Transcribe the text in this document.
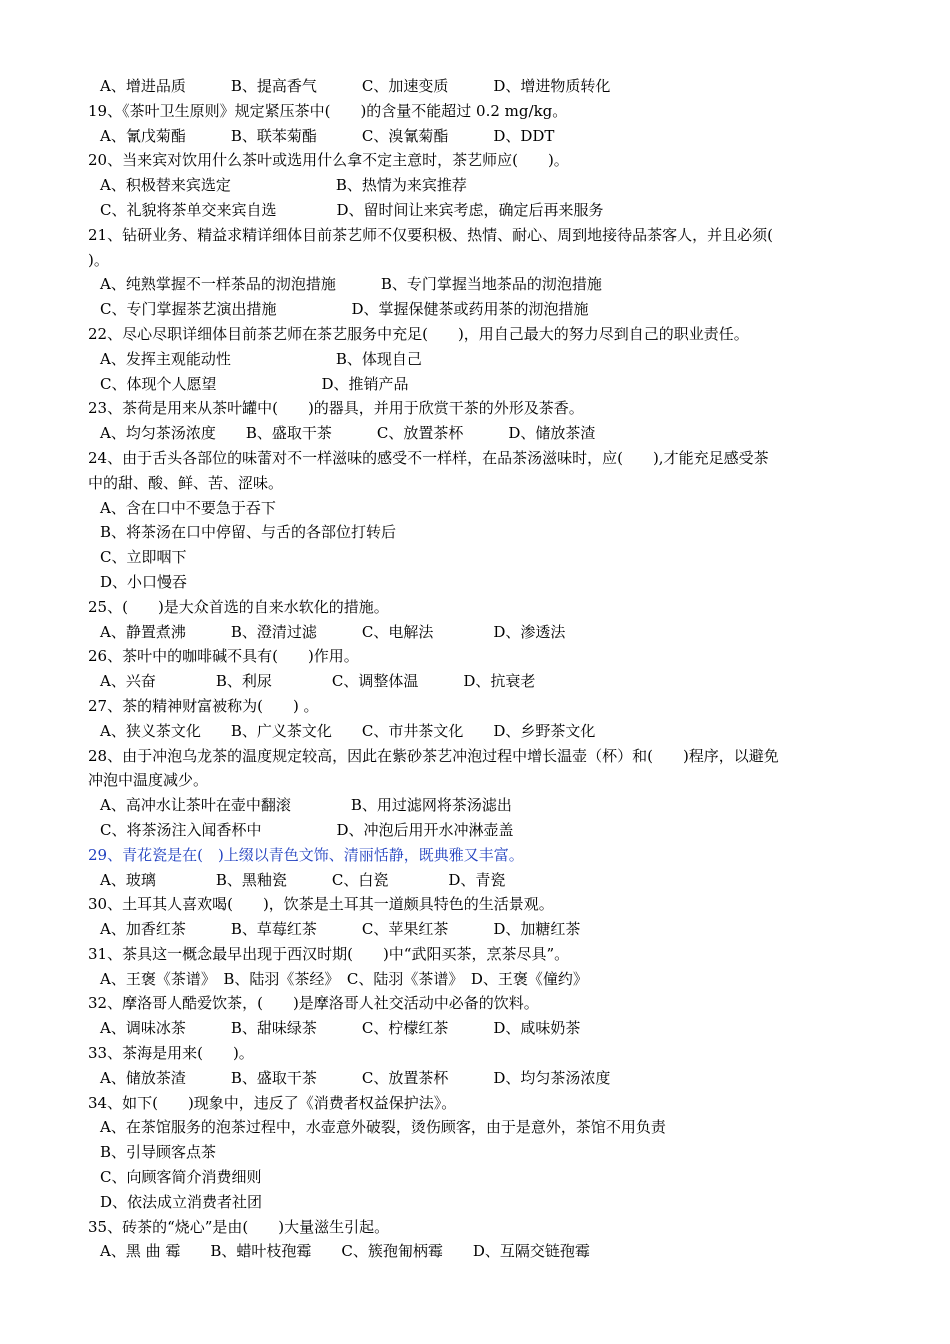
A、增进品质　　　B、提高香气　　　C、加速变质　　　D、增进物质转化
19、《茶叶卫生原则》规定紧压茶中(　　)的含量不能超过 0.2 mg/kg。
A、氰戊菊酯　　　B、联苯菊酯　　　C、溴氰菊酯　　　D、DDT
20、当来宾对饮用什么茶叶或选用什么拿不定主意时，茶艺师应(　　)。
A、积极替来宾选定　　　　　　　B、热情为来宾推荐
C、礼貌将茶单交来宾自选　　　　D、留时间让来宾考虑，确定后再来服务
21、钻研业务、精益求精详细体目前茶艺师不仅要积极、热情、耐心、周到地接待品茶客人，并且必须(
)。
A、纯熟掌握不一样茶品的沏泡措施　　　B、专门掌握当地茶品的沏泡措施
C、专门掌握茶艺演出措施　　　　　D、掌握保健茶或药用茶的沏泡措施
22、尽心尽职详细体目前茶艺师在茶艺服务中充足(　　)，用自己最大的努力尽到自己的职业责任。
A、发挥主观能动性　　　　　　　B、体现自己
C、体现个人愿望　　　　　　　D、推销产品
23、茶荷是用来从茶叶罐中(　　)的器具，并用于欣赏干茶的外形及茶香。
A、均匀茶汤浓度　　B、盛取干茶　　　C、放置茶杯　　　D、储放茶渣
24、由于舌头各部位的味蕾对不一样滋味的感受不一样样，在品茶汤滋味时，应(　　),才能充足感受茶
中的甜、酸、鲜、苦、涩味。
A、含在口中不要急于吞下
B、将茶汤在口中停留、与舌的各部位打转后
C、立即咽下
D、小口慢吞
25、(　　)是大众首选的自来水软化的措施。
A、静置煮沸　　　B、澄清过滤　　　C、电解法　　　　D、渗透法
26、茶叶中的咖啡碱不具有(　　)作用。
A、兴奋　　　　B、利尿　　　　C、调整体温　　　D、抗衰老
27、茶的精神财富被称为(　　) 。
A、狭义茶文化　　B、广义茶文化　　C、市井茶文化　　D、乡野茶文化
28、由于冲泡乌龙茶的温度规定较高，因此在紫砂茶艺冲泡过程中增长温壶（杯）和(　　)程序，以避免
冲泡中温度减少。
A、高冲水让茶叶在壶中翻滚　　　　B、用过滤网将茶汤滤出
C、将茶汤注入闻香杯中　　　　　D、冲泡后用开水冲淋壶盖
29、青花瓷是在(　)上缀以青色文饰、清丽恬静，既典雅又丰富。
A、玻璃　　　　B、黑釉瓷　　　C、白瓷　　　　D、青瓷
30、土耳其人喜欢喝(　　)，饮茶是土耳其一道颇具特色的生活景观。
A、加香红茶　　　B、草莓红茶　　　C、苹果红茶　　　D、加糖红茶
31、茶具这一概念最早出现于西汉时期(　　)中“武阳买茶，烹茶尽具”。
A、王褒《茶谱》　B、陆羽《茶经》　C、陆羽《茶谱》　D、王褒《僮约》
32、摩洛哥人酷爱饮茶，(　　)是摩洛哥人社交活动中必备的饮料。
A、调味冰茶　　　B、甜味绿茶　　　C、柠檬红茶　　　D、咸味奶茶
33、茶海是用来(　　)。
A、储放茶渣　　　B、盛取干茶　　　C、放置茶杯　　　D、均匀茶汤浓度
34、如下(　　)现象中，违反了《消费者权益保护法》。
A、在茶馆服务的泡茶过程中，水壶意外破裂，烫伤顾客，由于是意外，茶馆不用负责
B、引导顾客点茶
C、向顾客简介消费细则
D、依法成立消费者社团
35、砖茶的“烧心”是由(　　)大量滋生引起。
A、黑 曲 霉　　B、蜡叶枝孢霉　　C、簇孢匍柄霉　　D、互隔交链孢霉
